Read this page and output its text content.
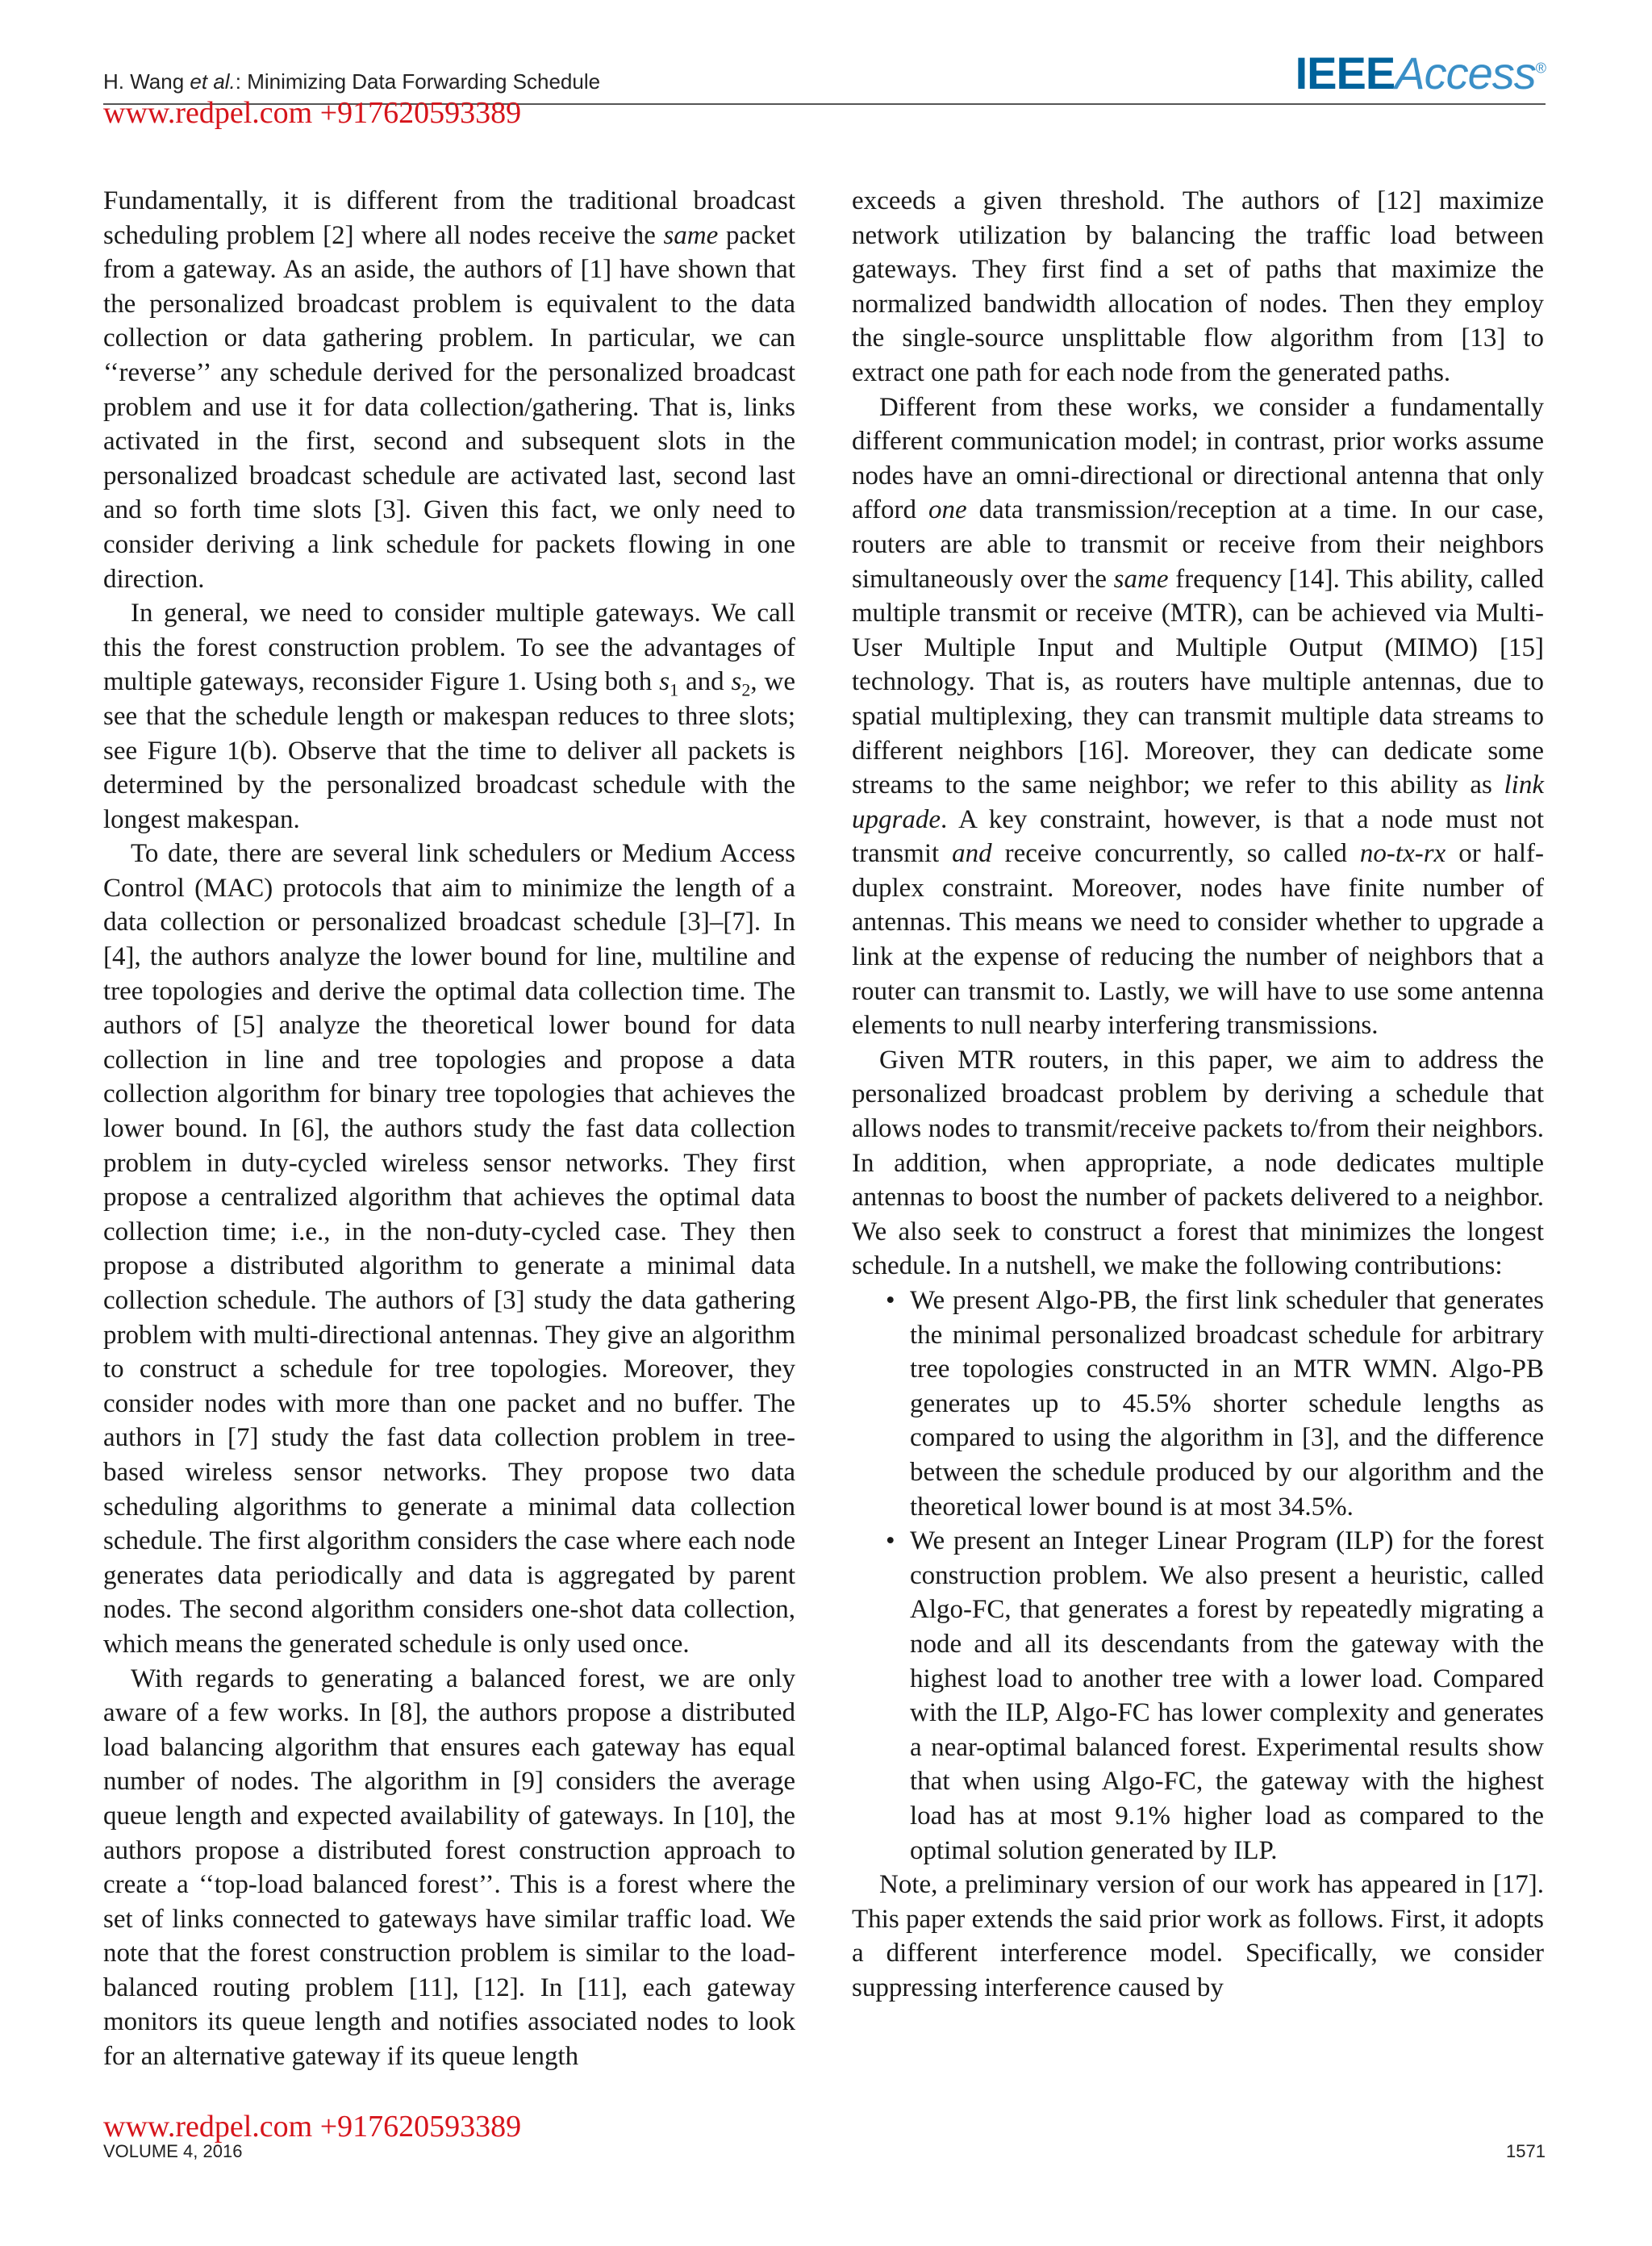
H. Wang et al.: Minimizing Data Forwarding Schedule	IEEEAccess®
www.redpel.com +917620593389

Fundamentally, it is different from the traditional broadcast scheduling problem [2] where all nodes receive the same packet from a gateway. As an aside, the authors of [1] have shown that the personalized broadcast problem is equivalent to the data collection or data gathering problem. In particular, we can ‘‘reverse’’ any schedule derived for the personalized broadcast problem and use it for data collection/gathering. That is, links activated in the first, second and subsequent slots in the personalized broadcast schedule are activated last, second last and so forth time slots [3]. Given this fact, we only need to consider deriving a link schedule for packets flowing in one direction.

In general, we need to consider multiple gateways. We call this the forest construction problem. To see the advantages of multiple gateways, reconsider Figure 1. Using both $s_1$ and $s_2$, we see that the schedule length or makespan reduces to three slots; see Figure 1(b). Observe that the time to deliver all packets is determined by the personalized broadcast schedule with the longest makespan.

To date, there are several link schedulers or Medium Access Control (MAC) protocols that aim to minimize the length of a data collection or personalized broadcast schedule [3]–[7]. In [4], the authors analyze the lower bound for line, multiline and tree topologies and derive the optimal data collection time. The authors of [5] analyze the theoretical lower bound for data collection in line and tree topologies and propose a data collection algorithm for binary tree topologies that achieves the lower bound. In [6], the authors study the fast data collection problem in duty-cycled wireless sensor networks. They first propose a centralized algorithm that achieves the optimal data collection time; i.e., in the non-duty-cycled case. They then propose a distributed algorithm to generate a minimal data collection schedule. The authors of [3] study the data gathering problem with multi-directional antennas. They give an algorithm to construct a schedule for tree topologies. Moreover, they consider nodes with more than one packet and no buffer. The authors in [7] study the fast data collection problem in tree-based wireless sensor networks. They propose two data scheduling algorithms to generate a minimal data collection schedule. The first algorithm considers the case where each node generates data periodically and data is aggregated by parent nodes. The second algorithm considers one-shot data collection, which means the generated schedule is only used once.

With regards to generating a balanced forest, we are only aware of a few works. In [8], the authors propose a distributed load balancing algorithm that ensures each gateway has equal number of nodes. The algorithm in [9] considers the average queue length and expected availability of gateways. In [10], the authors propose a distributed forest construction approach to create a ‘‘top-load balanced forest’’. This is a forest where the set of links connected to gateways have similar traffic load. We note that the forest construction problem is similar to the load-balanced routing problem [11], [12]. In [11], each gateway monitors its queue length and notifies associated nodes to look for an alternative gateway if its queue length

exceeds a given threshold. The authors of [12] maximize network utilization by balancing the traffic load between gateways. They first find a set of paths that maximize the normalized bandwidth allocation of nodes. Then they employ the single-source unsplittable flow algorithm from [13] to extract one path for each node from the generated paths.

Different from these works, we consider a fundamentally different communication model; in contrast, prior works assume nodes have an omni-directional or directional antenna that only afford one data transmission/reception at a time. In our case, routers are able to transmit or receive from their neighbors simultaneously over the same frequency [14]. This ability, called multiple transmit or receive (MTR), can be achieved via Multi-User Multiple Input and Multiple Output (MIMO) [15] technology. That is, as routers have multiple antennas, due to spatial multiplexing, they can transmit multiple data streams to different neighbors [16]. Moreover, they can dedicate some streams to the same neighbor; we refer to this ability as link upgrade. A key constraint, however, is that a node must not transmit and receive concurrently, so called no-tx-rx or half-duplex constraint. Moreover, nodes have finite number of antennas. This means we need to consider whether to upgrade a link at the expense of reducing the number of neighbors that a router can transmit to. Lastly, we will have to use some antenna elements to null nearby interfering transmissions.

Given MTR routers, in this paper, we aim to address the personalized broadcast problem by deriving a schedule that allows nodes to transmit/receive packets to/from their neighbors. In addition, when appropriate, a node dedicates multiple antennas to boost the number of packets delivered to a neighbor. We also seek to construct a forest that minimizes the longest schedule. In a nutshell, we make the following contributions:

• We present Algo-PB, the first link scheduler that generates the minimal personalized broadcast schedule for arbitrary tree topologies constructed in an MTR WMN. Algo-PB generates up to 45.5% shorter schedule lengths as compared to using the algorithm in [3], and the difference between the schedule produced by our algorithm and the theoretical lower bound is at most 34.5%.
• We present an Integer Linear Program (ILP) for the forest construction problem. We also present a heuristic, called Algo-FC, that generates a forest by repeatedly migrating a node and all its descendants from the gateway with the highest load to another tree with a lower load. Compared with the ILP, Algo-FC has lower complexity and generates a near-optimal balanced forest. Experimental results show that when using Algo-FC, the gateway with the highest load has at most 9.1% higher load as compared to the optimal solution generated by ILP.

Note, a preliminary version of our work has appeared in [17]. This paper extends the said prior work as follows. First, it adopts a different interference model. Specifically, we consider suppressing interference caused by

www.redpel.com +917620593389
VOLUME 4, 2016	1571
